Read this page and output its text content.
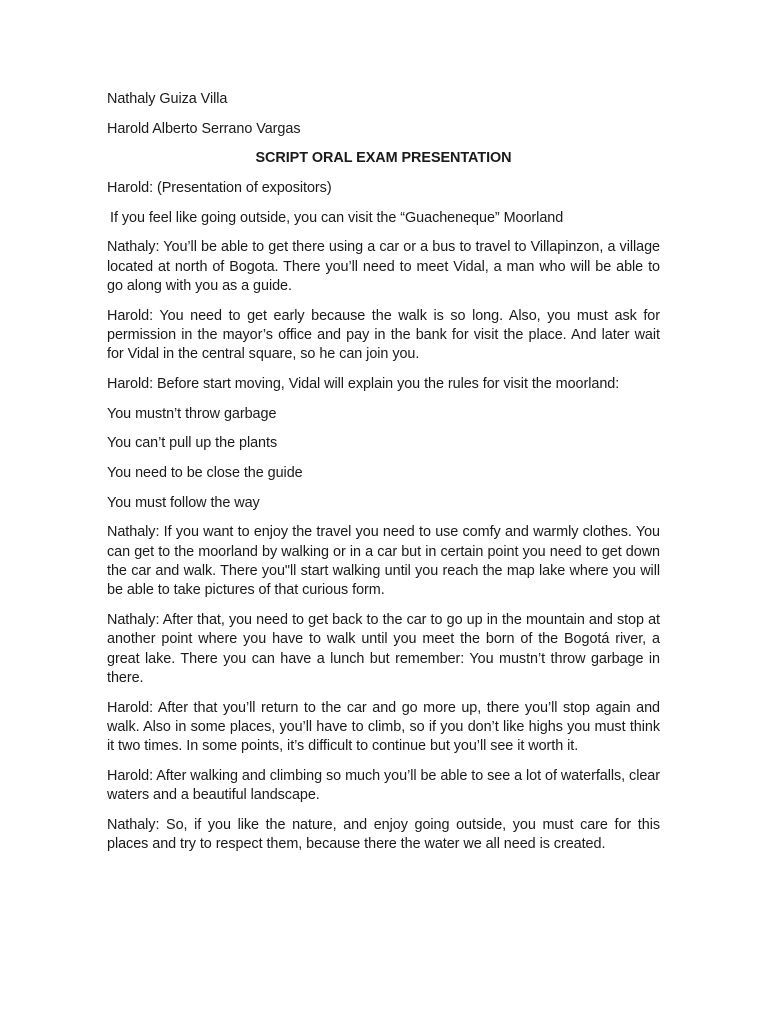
Nathaly Guiza Villa

Harold Alberto Serrano Vargas

SCRIPT ORAL EXAM PRESENTATION

Harold: (Presentation of expositors)

If you feel like going outside, you can visit the “Guacheneque” Moorland

Nathaly: You’ll be able to get there using a car or a bus to travel to Villapinzon, a village located at north of Bogota. There you’ll need to meet Vidal, a man who will be able to go along with you as a guide.

Harold: You need to get early because the walk is so long. Also, you must ask for permission in the mayor’s office and pay in the bank for visit the place. And later wait for Vidal in the central square, so he can join you.

Harold: Before start moving, Vidal will explain you the rules for visit the moorland:

You mustn’t throw garbage

You can’t pull up the plants

You need to be close the guide

You must follow the way

Nathaly: If you want to enjoy the travel you need to use comfy and warmly clothes. You can get to the moorland by walking or in a car but in certain point you need to get down the car and walk. There you"ll start walking until you reach the map lake where you will be able to take pictures of that curious form.

Nathaly: After that, you need to get back to the car to go up in the mountain and stop at another point where you have to walk until you meet the born of the Bogotá river, a great lake. There you can have a lunch but remember: You mustn’t throw garbage in there.

Harold: After that you’ll return to the car and go more up, there you’ll stop again and walk. Also in some places, you’ll have to climb, so if you don’t like highs you must think it two times. In some points, it’s difficult to continue but you’ll see it worth it.

Harold: After walking and climbing so much you’ll be able to see a lot of waterfalls, clear waters and a beautiful landscape.

Nathaly: So, if you like the nature, and enjoy going outside, you must care for this places and try to respect them, because there the water we all need is created.
